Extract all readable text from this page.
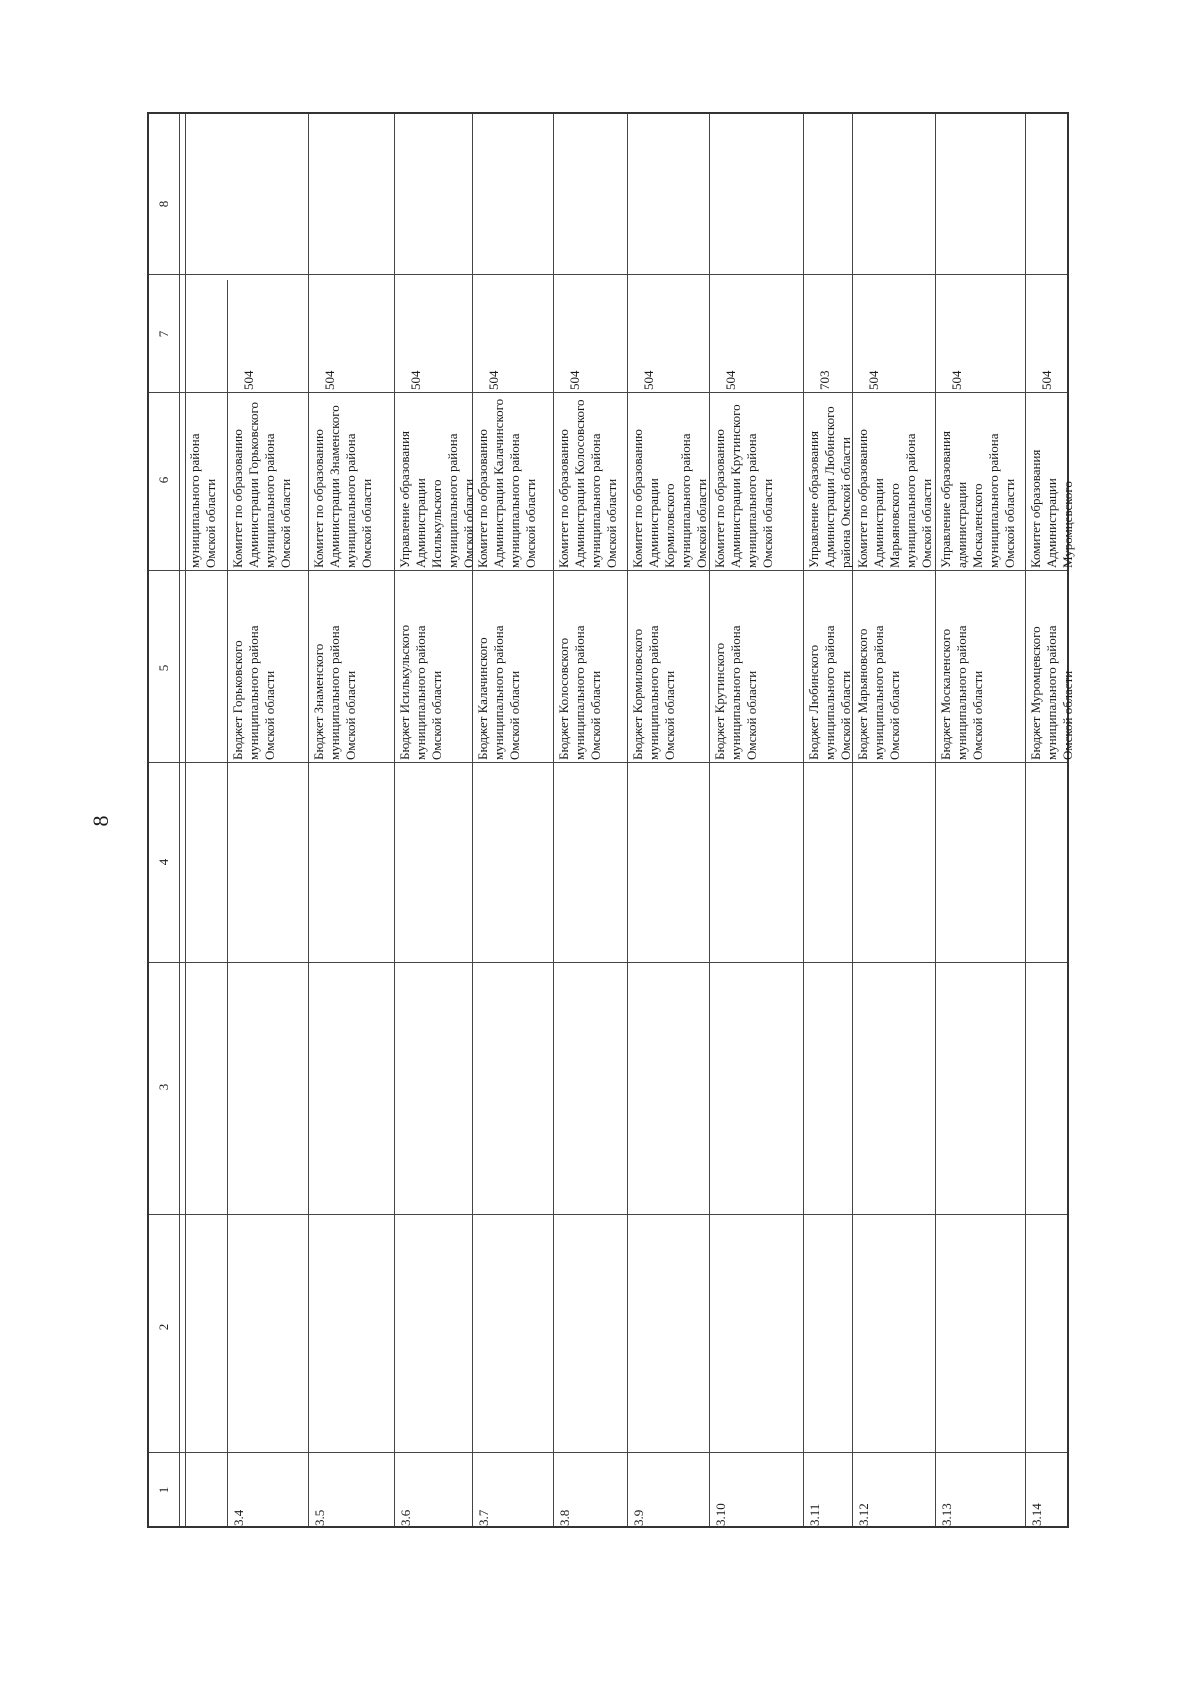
8
1
2
3
4
5
6
7
8
муниципального района
Омской области
3.4
Бюджет Горьковского
муниципального района
Омской области
Комитет по образованию
Администрации Горьковского
муниципального района
Омской области
504
3.5
Бюджет Знаменского
муниципального района
Омской области
Комитет по образованию
Администрации Знаменского
муниципального района
Омской области
504
3.6
Бюджет Исилькульского
муниципального района
Омской области
Управление образования
Администрации
Исилькульского
муниципального района
Омской области
504
3.7
Бюджет Калачинского
муниципального района
Омской области
Комитет по образованию
Администрации Калачинского
муниципального района
Омской области
504
3.8
Бюджет Колосовского
муниципального района
Омской области
Комитет по образованию
Администрации Колосовского
муниципального района
Омской области
504
3.9
Бюджет Кормиловского
муниципального района
Омской области
Комитет по образованию
Администрации
Кормиловского
муниципального района
Омской области
504
3.10
Бюджет Крутинского
муниципального района
Омской области
Комитет по образованию
Администрации Крутинского
муниципального района
Омской области
504
3.11
Бюджет Любинского
муниципального района
Омской области
Управление образования
Администрации Любинского
района Омской области
703
3.12
Бюджет Марьяновского
муниципального района
Омской области
Комитет по образованию
Администрации
Марьяновского
муниципального района
Омской области
504
3.13
Бюджет Москаленского
муниципального района
Омской области
Управление образования
администрации
Москаленского
муниципального района
Омской области
504
3.14
Бюджет Муромцевского
муниципального района
Омской области
Комитет образования
Администрации
Муромцевского
504
